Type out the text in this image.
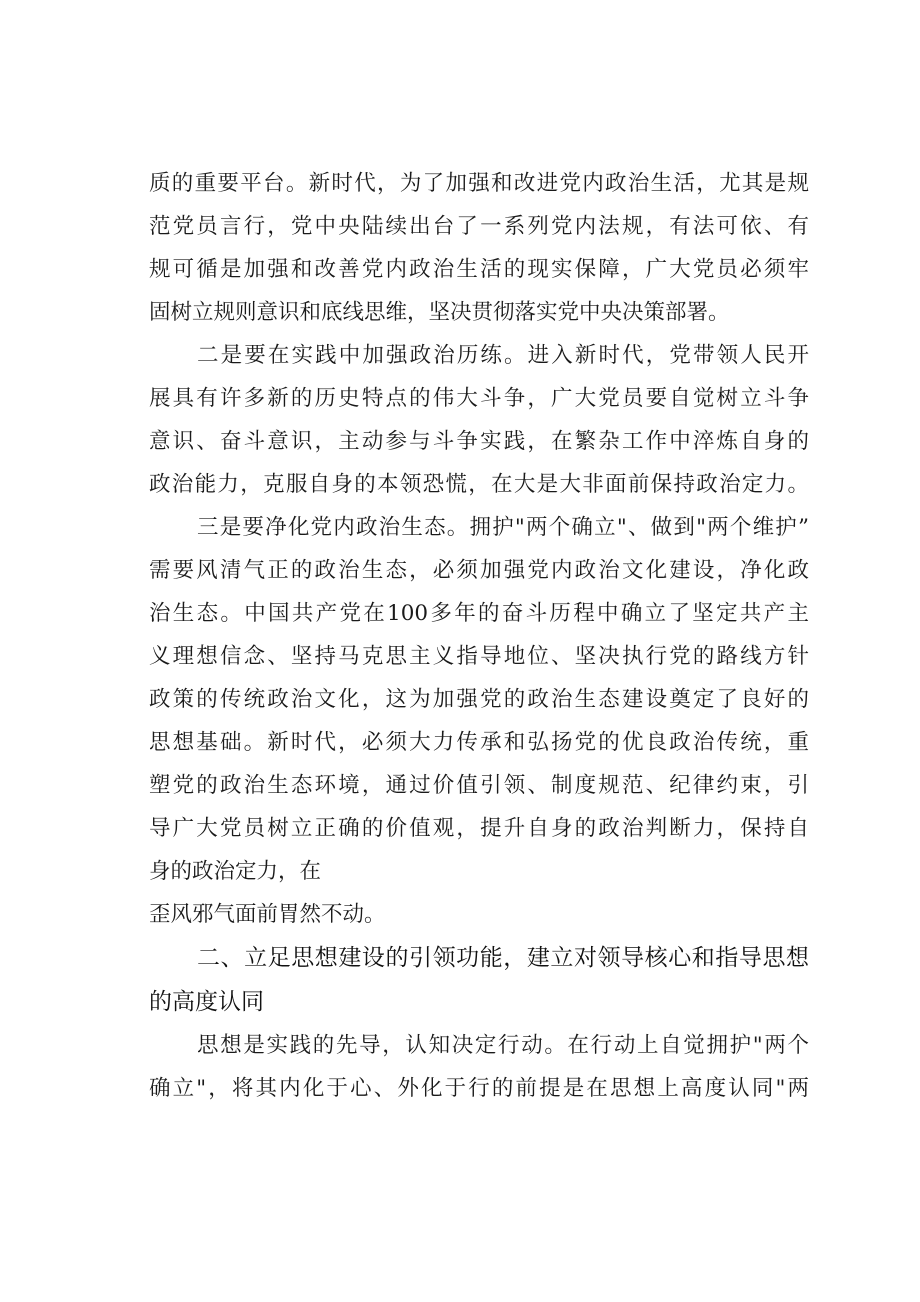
质的重要平台。新时代，为了加强和改进党内政治生活，尤其是规
范党员言行，党中央陆续出台了一系列党内法规，有法可依、有
规可循是加强和改善党内政治生活的现实保障，广大党员必须牢
固树立规则意识和底线思维，坚决贯彻落实党中央决策部署。
二是要在实践中加强政治历练。进入新时代，党带领人民开
展具有许多新的历史特点的伟大斗争，广大党员要自觉树立斗争
意识、奋斗意识，主动参与斗争实践，在繁杂工作中淬炼自身的
政治能力，克服自身的本领恐慌，在大是大非面前保持政治定力。
三是要净化党内政治生态。拥护"两个确立"、做到"两个维护”
需要风清气正的政治生态，必须加强党内政治文化建设，净化政
治生态。中国共产党在100多年的奋斗历程中确立了坚定共产主
义理想信念、坚持马克思主义指导地位、坚决执行党的路线方针
政策的传统政治文化，这为加强党的政治生态建设奠定了良好的
思想基础。新时代，必须大力传承和弘扬党的优良政治传统，重
塑党的政治生态环境，通过价值引领、制度规范、纪律约束，引
导广大党员树立正确的价值观，提升自身的政治判断力，保持自
身的政治定力，在
歪风邪气面前胃然不动。
二、立足思想建设的引领功能，建立对领导核心和指导思想
的高度认同
思想是实践的先导，认知决定行动。在行动上自觉拥护"两个
确立"，将其内化于心、外化于行的前提是在思想上高度认同"两
